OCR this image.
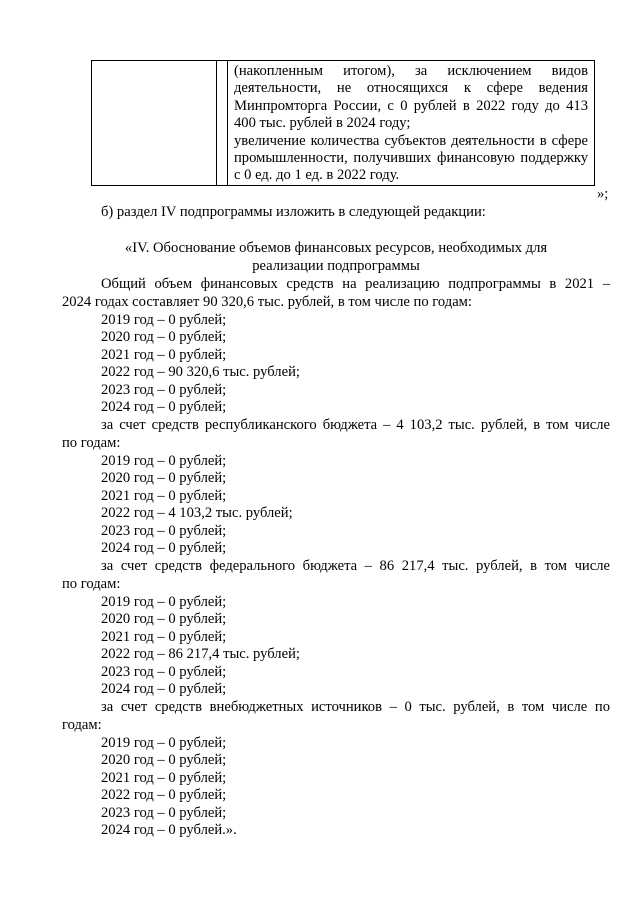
(накопленным итогом), за исключением видов деятельности, не относящихся к сфере ведения Минпромторга России, с 0 рублей в 2022 году до 413 400 тыс. рублей в 2024 году;

увеличение количества субъектов деятельности в сфере промышленности, получивших финансовую поддержку с 0 ед. до 1 ед. в 2022 году.

»;
б) раздел IV подпрограммы изложить в следующей редакции:
«IV. Обоснование объемов финансовых ресурсов, необходимых для
реализации подпрограммы
Общий объем финансовых средств на реализацию подпрограммы в 2021 –
2024 годах составляет 90 320,6 тыс. рублей, в том числе по годам:
2019 год – 0 рублей;
2020 год – 0 рублей;
2021 год – 0 рублей;
2022 год – 90 320,6 тыс. рублей;
2023 год – 0 рублей;
2024 год – 0 рублей;
за счет средств республиканского бюджета – 4 103,2 тыс. рублей, в том числе
по годам:
2019 год – 0 рублей;
2020 год – 0 рублей;
2021 год – 0 рублей;
2022 год – 4 103,2 тыс. рублей;
2023 год – 0 рублей;
2024 год – 0 рублей;
за счет средств федерального бюджета – 86 217,4 тыс. рублей, в том числе
по годам:
2019 год – 0 рублей;
2020 год – 0 рублей;
2021 год – 0 рублей;
2022 год – 86 217,4 тыс. рублей;
2023 год – 0 рублей;
2024 год – 0 рублей;
за счет средств внебюджетных источников – 0 тыс. рублей, в том числе по
годам:
2019 год – 0 рублей;
2020 год – 0 рублей;
2021 год – 0 рублей;
2022 год – 0 рублей;
2023 год – 0 рублей;
2024 год – 0 рублей.».
